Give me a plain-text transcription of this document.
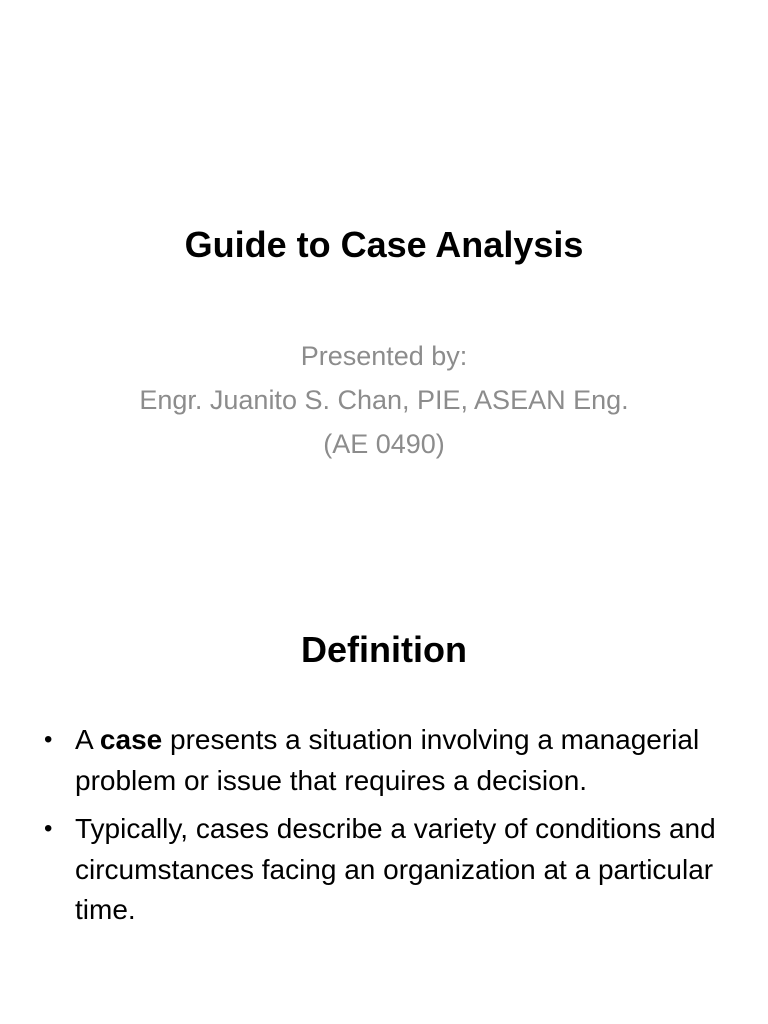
Guide to Case Analysis
Presented by:
Engr. Juanito S. Chan, PIE, ASEAN Eng.
(AE 0490)
Definition
• A case presents a situation involving a managerial problem or issue that requires a decision.
• Typically, cases describe a variety of conditions and circumstances facing an organization at a particular time.
